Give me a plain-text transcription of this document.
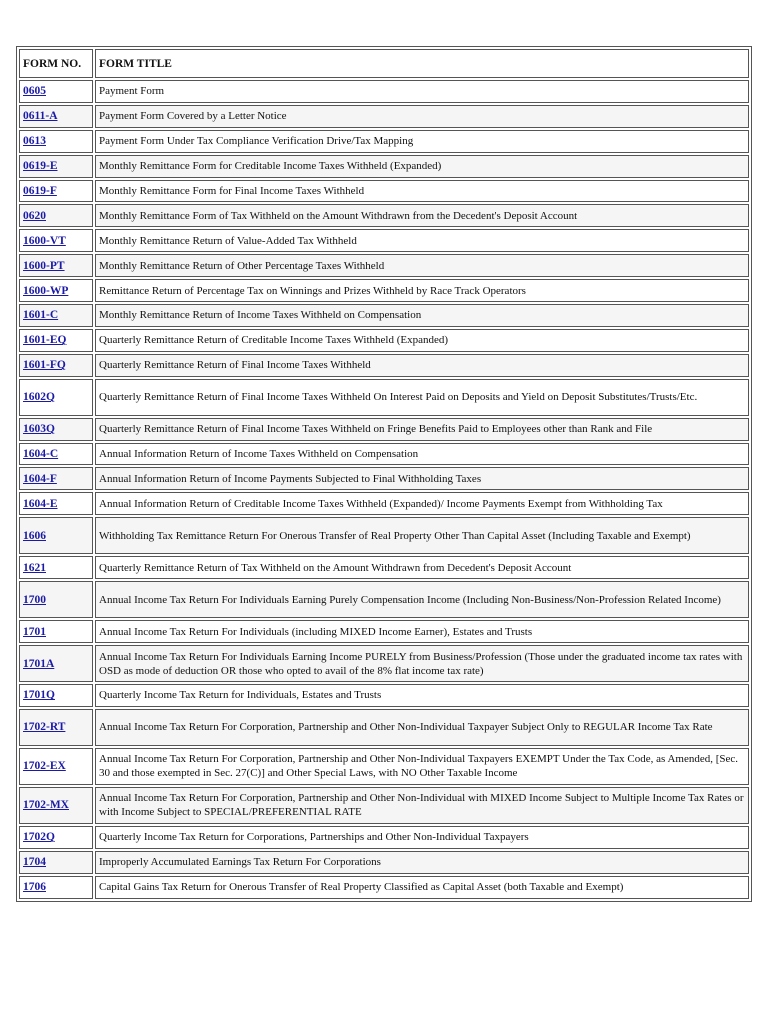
FORM NO.	FORM TITLE
0605	Payment Form
0611-A	Payment Form Covered by a Letter Notice
0613	Payment Form Under Tax Compliance Verification Drive/Tax Mapping
0619-E	Monthly Remittance Form for Creditable Income Taxes Withheld (Expanded)
0619-F	Monthly Remittance Form for Final Income Taxes Withheld
0620	Monthly Remittance Form of Tax Withheld on the Amount Withdrawn from the Decedent's Deposit Account
1600-VT	Monthly Remittance Return of Value-Added Tax Withheld
1600-PT	Monthly Remittance Return of Other Percentage Taxes Withheld
1600-WP	Remittance Return of Percentage Tax on Winnings and Prizes Withheld by Race Track Operators
1601-C	Monthly Remittance Return of Income Taxes Withheld on Compensation
1601-EQ	Quarterly Remittance Return of Creditable Income Taxes Withheld (Expanded)
1601-FQ	Quarterly Remittance Return of Final Income Taxes Withheld
1602Q	Quarterly Remittance Return of Final Income Taxes Withheld On Interest Paid on Deposits and Yield on Deposit Substitutes/Trusts/Etc.
1603Q	Quarterly Remittance Return of Final Income Taxes Withheld on Fringe Benefits Paid to Employees other than Rank and File
1604-C	Annual Information Return of Income Taxes Withheld on Compensation
1604-F	Annual Information Return of Income Payments Subjected to Final Withholding Taxes
1604-E	Annual Information Return of Creditable Income Taxes Withheld (Expanded)/ Income Payments Exempt from Withholding Tax
1606	Withholding Tax Remittance Return For Onerous Transfer of Real Property Other Than Capital Asset (Including Taxable and Exempt)
1621	Quarterly Remittance Return of Tax Withheld on the Amount Withdrawn from Decedent's Deposit Account
1700	Annual Income Tax Return For Individuals Earning Purely Compensation Income (Including Non-Business/Non-Profession Related Income)
1701	Annual Income Tax Return For Individuals (including MIXED Income Earner), Estates and Trusts
1701A	Annual Income Tax Return For Individuals Earning Income PURELY from Business/Profession (Those under the graduated income tax rates with OSD as mode of deduction OR those who opted to avail of the 8% flat income tax rate)
1701Q	Quarterly Income Tax Return for Individuals, Estates and Trusts
1702-RT	Annual Income Tax Return For Corporation, Partnership and Other Non-Individual Taxpayer Subject Only to REGULAR Income Tax Rate
1702-EX	Annual Income Tax Return For Corporation, Partnership and Other Non-Individual Taxpayers EXEMPT Under the Tax Code, as Amended, [Sec. 30 and those exempted in Sec. 27(C)] and Other Special Laws, with NO Other Taxable Income
1702-MX	Annual Income Tax Return For Corporation, Partnership and Other Non-Individual with MIXED Income Subject to Multiple Income Tax Rates or with Income Subject to SPECIAL/PREFERENTIAL RATE
1702Q	Quarterly Income Tax Return for Corporations, Partnerships and Other Non-Individual Taxpayers
1704	Improperly Accumulated Earnings Tax Return For Corporations
1706	Capital Gains Tax Return for Onerous Transfer of Real Property Classified as Capital Asset (both Taxable and Exempt)
